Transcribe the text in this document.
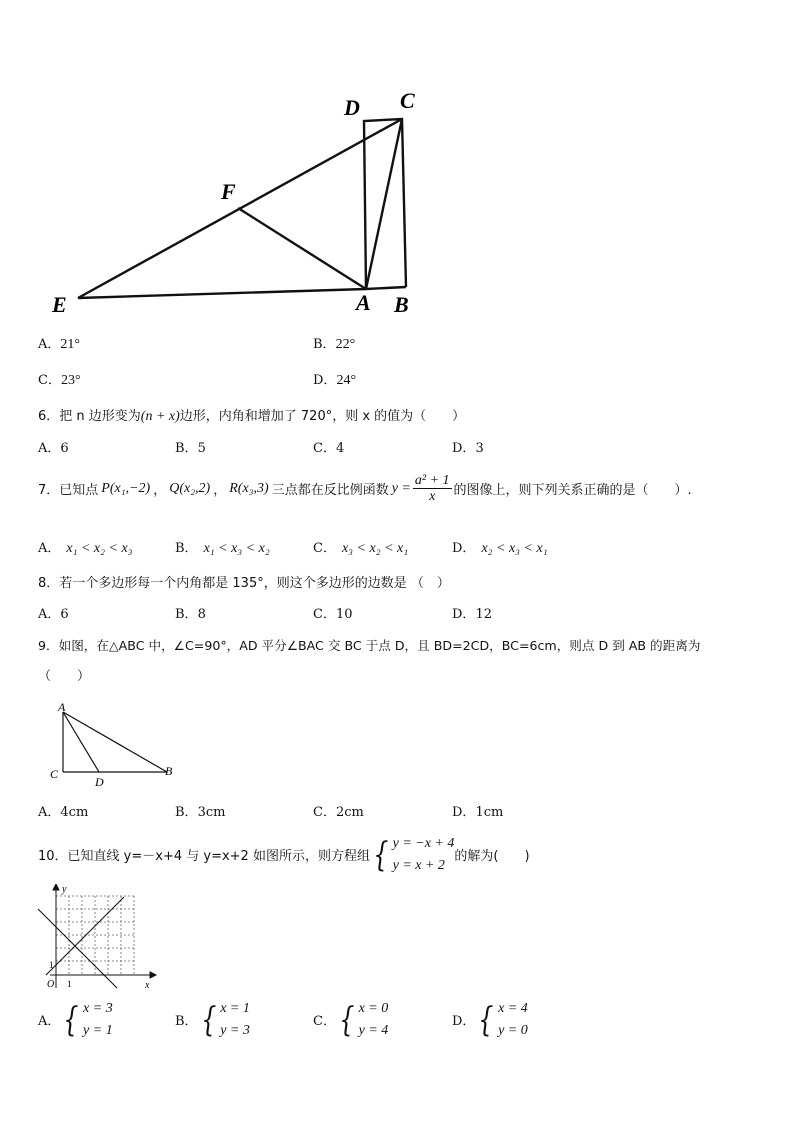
E
F
A B
C
D
A．21°	B．22°
C．23°	D．24°
6．把 n 边形变为(n + x)边形，内角和增加了 720°，则 x 的值为（　　）
A．6	B．5	C．4	D．3
7．已知点 P(x₁,−2) ， Q(x₂,2) ， R(x₃,3) 三点都在反比例函数 $y = \frac{\text{a² + 1}}{x}$ 的图像上，则下列关系正确的是（　　）.
A． x₁ < x₂ < x₃	B． x₁ < x₃ < x₂	C． x₃ < x₂ < x₁	D． x₂ < x₃ < x₁
8．若一个多边形每一个内角都是 135°，则这个多边形的边数是 （　）
A．6	B．8	C．10	D．12
9．如图，在△ABC 中，∠C=90°，AD 平分∠BAC 交 BC 于点 D，且 BD=2CD，BC=6cm，则点 D 到 AB 的距离为
（　　）
A
C
D
B
A．4cm	B．3cm	C．2cm	D．1cm
10．已知直线 y=－x+4 与 y=x+2 如图所示，则方程组 { y = −x + 4
y = x + 2
的解为(　　)
y
x
O 1
1
A． { x = 3
y = 1
B． { x = 1
y = 3
C． { x = 0
y = 4
D． { x = 4
y = 0
